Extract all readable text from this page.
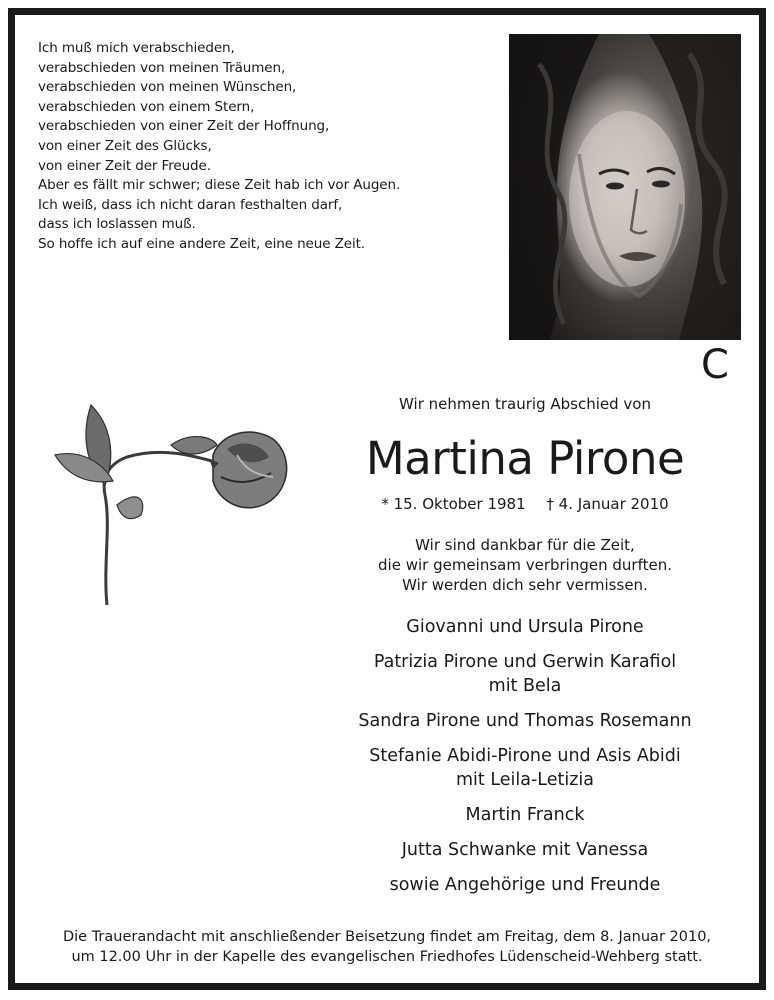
Ich muß mich verabschieden,
verabschieden von meinen Träumen,
verabschieden von meinen Wünschen,
verabschieden von einem Stern,
verabschieden von einer Zeit der Hoffnung,
von einer Zeit des Glücks,
von einer Zeit der Freude.
Aber es fällt mir schwer; diese Zeit hab ich vor Augen.
Ich weiß, dass ich nicht daran festhalten darf,
dass ich loslassen muß.
So hoffe ich auf eine andere Zeit, eine neue Zeit.
C
Wir nehmen traurig Abschied von
Martina Pirone
* 15. Oktober 1981 † 4. Januar 2010
Wir sind dankbar für die Zeit,
die wir gemeinsam verbringen durften.
Wir werden dich sehr vermissen.
Giovanni und Ursula Pirone
Patrizia Pirone und Gerwin Karafiol
mit Bela
Sandra Pirone und Thomas Rosemann
Stefanie Abidi-Pirone und Asis Abidi
mit Leila-Letizia
Martin Franck
Jutta Schwanke mit Vanessa
sowie Angehörige und Freunde
Die Trauerandacht mit anschließender Beisetzung findet am Freitag, dem 8. Januar 2010,
um 12.00 Uhr in der Kapelle des evangelischen Friedhofes Lüdenscheid-Wehberg statt.
